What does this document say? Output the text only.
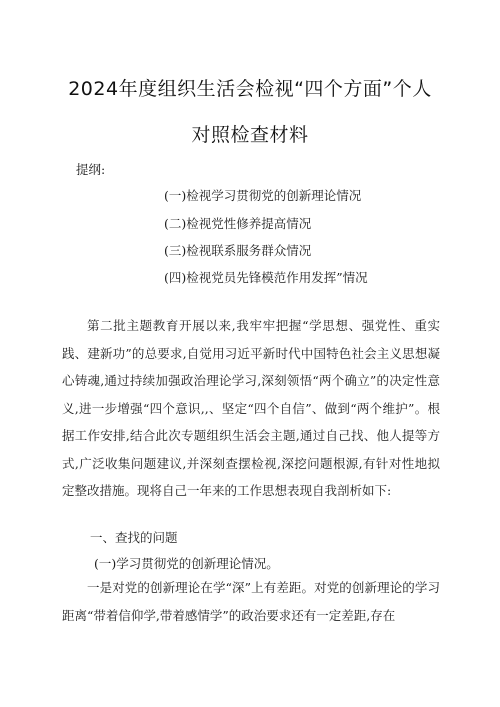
2024年度组织生活会检视“四个方面”个人
对照检查材料
提纲:
(一)检视学习贯彻党的创新理论情况
(二)检视党性修养提高情况
(三)检视联系服务群众情况
(四)检视党员先锋模范作用发挥”情况

第二批主题教育开展以来,我牢牢把握“学思想、强党性、重实践、建新功”的总要求,自觉用习近平新时代中国特色社会主义思想凝心铸魂,通过持续加强政治理论学习,深刻领悟“两个确立”的决定性意义,进一步增强“四个意识,,、坚定“四个自信”、做到“两个维护”。根据工作安排,结合此次专题组织生活会主题,通过自己找、他人提等方式,广泛收集问题建议,并深刻查摆检视,深挖问题根源,有针对性地拟定整改措施。现将自己一年来的工作思想表现自我剖析如下:

一、查找的问题
(一)学习贯彻党的创新理论情况。

一是对党的创新理论在学“深”上有差距。对党的创新理论的学习距离“带着信仰学,带着感情学”的政治要求还有一定差距,存在
